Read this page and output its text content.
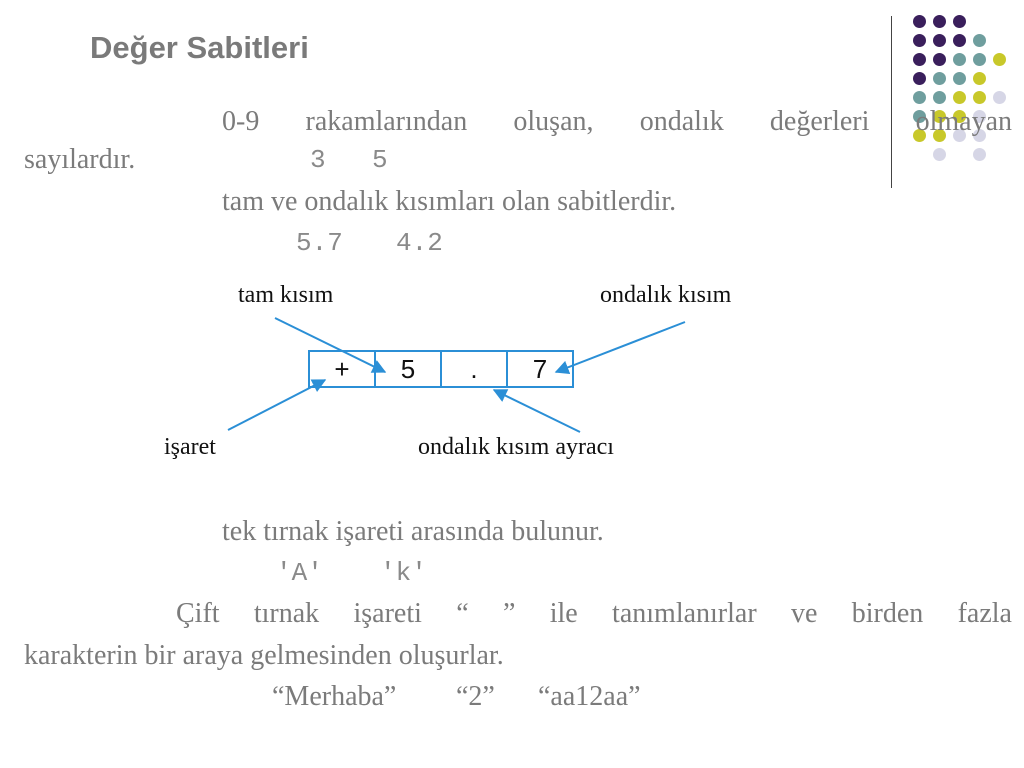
Değer Sabitleri
0-9 rakamlarından oluşan, ondalık değerleri olmayan
sayılardır.	3 5
tam ve ondalık kısımları olan sabitlerdir.
5.7 4.2
tam kısım	ondalık kısım
+	5	.	7
işaret	ondalık kısım ayracı
tek tırnak işareti arasında bulunur.
'A' 'k'
Çift tırnak işareti “ ” ile tanımlanırlar ve birden fazla
karakterin bir araya gelmesinden oluşurlar.
“Merhaba” “2” “aa12aa”
